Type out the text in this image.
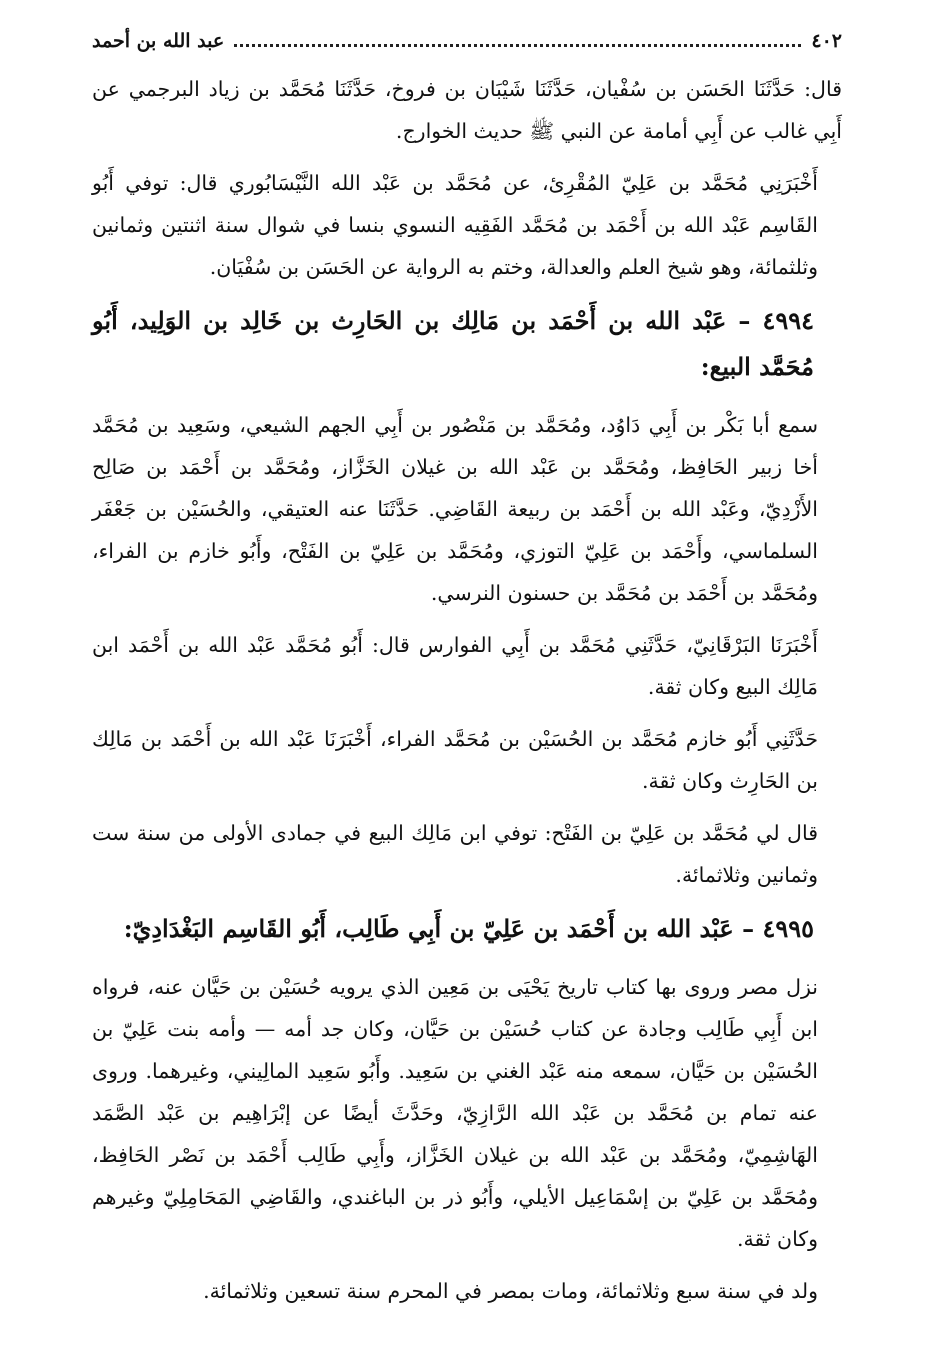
٤٠٢
عبد الله بن أحمد

قال: حَدَّثَنَا الحَسَن بن سُفْيان، حَدَّثَنَا شَيْبَان بن فروخ، حَدَّثَنَا مُحَمَّد بن زياد البرجمي عن أَبِي غالب عن أَبِي أمامة عن النبي ﷺ حديث الخوارج.

أَخْبَرَنِي مُحَمَّد بن عَلِيّ المُقْرِئ، عن مُحَمَّد بن عَبْد الله النَّيْسَابُوري قال: توفي أَبُو القَاسِم عَبْد الله بن أَحْمَد بن مُحَمَّد الفَقِيه النسوي بنسا في شوال سنة اثنتين وثمانين وثلثمائة، وهو شيخ العلم والعدالة، وختم به الرواية عن الحَسَن بن سُفْيَان.

٤٩٩٤ – عَبْد الله بن أَحْمَد بن مَالِك بن الحَارِث بن خَالِد بن الوَلِيد، أَبُو مُحَمَّد البيع:

سمع أبا بَكْر بن أَبِي دَاوُد، ومُحَمَّد بن مَنْصُور بن أَبِي الجهم الشيعي، وسَعِيد بن مُحَمَّد أخا زبير الحَافِظ، ومُحَمَّد بن عَبْد الله بن غيلان الخَزَّاز، ومُحَمَّد بن أَحْمَد بن صَالِح الأَزْدِيّ، وعَبْد الله بن أَحْمَد بن ربيعة القَاضِي. حَدَّثَنَا عنه العتيقي، والحُسَيْن بن جَعْفَر السلماسي، وأَحْمَد بن عَلِيّ التوزي، ومُحَمَّد بن عَلِيّ بن الفَتْح، وأَبُو خازم بن الفراء، ومُحَمَّد بن أَحْمَد بن مُحَمَّد بن حسنون النرسي.

أَخْبَرَنَا البَرْقَانِيّ، حَدَّثَنِي مُحَمَّد بن أَبِي الفوارس قال: أَبُو مُحَمَّد عَبْد الله بن أَحْمَد ابن مَالِك البيع وكان ثقة.

حَدَّثَنِي أَبُو خازم مُحَمَّد بن الحُسَيْن بن مُحَمَّد الفراء، أَخْبَرَنَا عَبْد الله بن أَحْمَد بن مَالِك بن الحَارِث وكان ثقة.

قال لي مُحَمَّد بن عَلِيّ بن الفَتْح: توفي ابن مَالِك البيع في جمادى الأولى من سنة ست وثمانين وثلاثمائة.

٤٩٩٥ – عَبْد الله بن أَحْمَد بن عَلِيّ بن أَبِي طَالِب، أَبُو القَاسِم البَغْدَادِيّ:

نزل مصر وروى بها كتاب تاريخ يَحْيَى بن مَعِين الذي يرويه حُسَيْن بن حَيَّان عنه، فرواه ابن أَبِي طَالِب وجادة عن كتاب حُسَيْن بن حَيَّان، وكان جد أمه — وأمه بنت عَلِيّ بن الحُسَيْن بن حَيَّان، سمعه منه عَبْد الغني بن سَعِيد. وأَبُو سَعِيد المالِيني، وغيرهما. وروى عنه تمام بن مُحَمَّد بن عَبْد الله الرَّازِيّ، وحَدَّثَ أيضًا عن إبْرَاهِيم بن عَبْد الصَّمَد الهَاشِمِيّ، ومُحَمَّد بن عَبْد الله بن غيلان الخَزَّاز، وأَبِي طَالِب أَحْمَد بن نَصْر الحَافِظ، ومُحَمَّد بن عَلِيّ بن إسْمَاعِيل الأيلي، وأَبُو ذر بن الباغندي، والقَاضِي المَحَامِلِيّ وغيرهم وكان ثقة.

ولد في سنة سبع وثلاثمائة، ومات بمصر في المحرم سنة تسعين وثلاثمائة.
